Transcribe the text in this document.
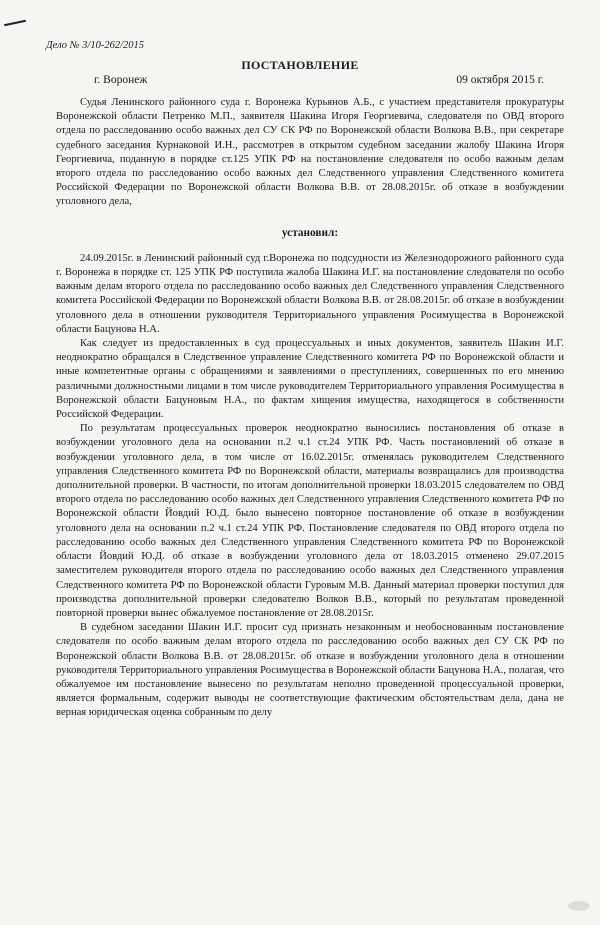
Дело № 3/10-262/2015
ПОСТАНОВЛЕНИЕ
г. Воронеж	09 октября 2015 г.

Судья Ленинского районного суда г. Воронежа Курьянов А.Б., с участием представителя прокуратуры Воронежской области Петренко М.П., заявителя Шакина Игоря Георгиевича, следователя по ОВД второго отдела по расследованию особо важных дел СУ СК РФ по Воронежской области Волкова В.В., при секретаре судебного заседания Курнаковой И.Н., рассмотрев в открытом судебном заседании жалобу Шакина Игоря Георгиевича, поданную в порядке ст.125 УПК РФ на постановление следователя по особо важным делам второго отдела по расследованию особо важных дел Следственного управления Следственного комитета Российской Федерации по Воронежской области Волкова В.В. от 28.08.2015г. об отказе в возбуждении уголовного дела,

установил:

24.09.2015г. в Ленинский районный суд г.Воронежа по подсудности из Железнодорожного районного суда г. Воронежа в порядке ст. 125 УПК РФ поступила жалоба Шакина И.Г. на постановление следователя по особо важным делам второго отдела по расследованию особо важных дел Следственного управления Следственного комитета Российской Федерации по Воронежской области Волкова В.В. от 28.08.2015г. об отказе в возбуждении уголовного дела в отношении руководителя Территориального управления Росимущества в Воронежской области Бацунова Н.А.

Как следует из предоставленных в суд процессуальных и иных документов, заявитель Шакин И.Г. неоднократно обращался в Следственное управление Следственного комитета РФ по Воронежской области и иные компетентные органы с обращениями и заявлениями о преступлениях, совершенных по его мнению различными должностными лицами в том числе руководителем Территориального управления Росимущества в Воронежской области Бацуновым Н.А., по фактам хищения имущества, находящегося в собственности Российской Федерации.

По результатам процессуальных проверок неоднократно выносились постановления об отказе в возбуждении уголовного дела на основании п.2 ч.1 ст.24 УПК РФ. Часть постановлений об отказе в возбуждении уголовного дела, в том числе от 16.02.2015г. отменялась руководителем Следственного управления Следственного комитета РФ по Воронежской области, материалы возвращались для производства дополнительной проверки. В частности, по итогам дополнительной проверки 18.03.2015 следователем по ОВД второго отдела по расследованию особо важных дел Следственного управления Следственного комитета РФ по Воронежской области Йовдий Ю.Д. было вынесено повторное постановление об отказе в возбуждении уголовного дела на основании п.2 ч.1 ст.24 УПК РФ. Постановление следователя по ОВД второго отдела по расследованию особо важных дел Следственного управления Следственного комитета РФ по Воронежской области Йовдий Ю.Д. об отказе в возбуждении уголовного дела от 18.03.2015 отменено 29.07.2015 заместителем руководителя второго отдела по расследованию особо важных дел Следственного управления Следственного комитета РФ по Воронежской области Гуровым М.В. Данный материал проверки поступил для производства дополнительной проверки следователю Волков В.В., который по результатам проведенной повторной проверки вынес обжалуемое постановление от 28.08.2015г.

В судебном заседании Шакин И.Г. просит суд признать незаконным и необоснованным постановление следователя по особо важным делам второго отдела по расследованию особо важных дел СУ СК РФ по Воронежской области Волкова В.В. от 28.08.2015г. об отказе в возбуждении уголовного дела в отношении руководителя Территориального управления Росимущества в Воронежской области Бацунова Н.А., полагая, что обжалуемое им постановление вынесено по результатам неполно проведенной процессуальной проверки, является формальным, содержит выводы не соответствующие фактическим обстоятельствам дела, дана не верная юридическая оценка собранным по делу
